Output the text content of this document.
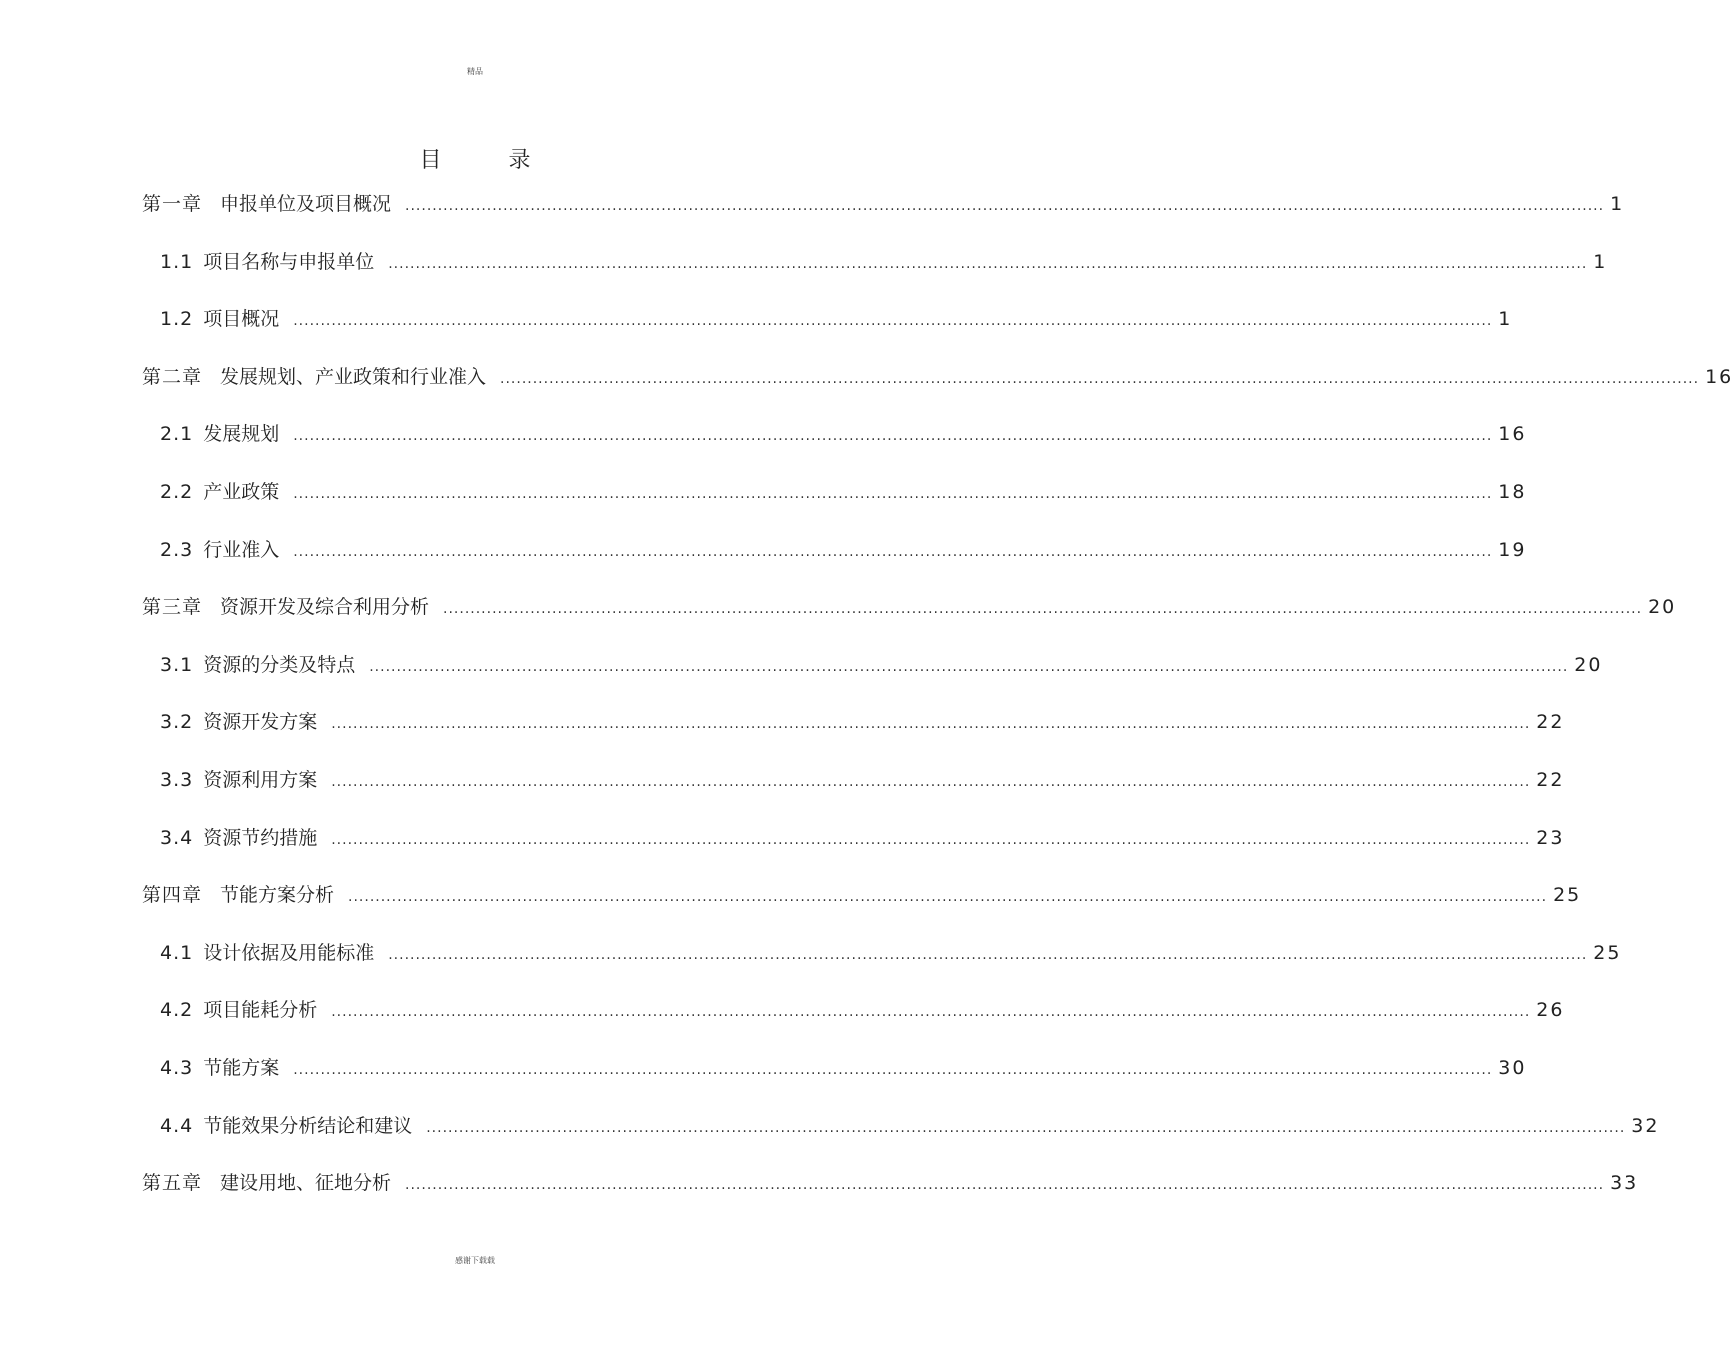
精品
目 录
第一章 申报单位及项目概况 ............................................................................................................................................................................................................................ 1
1.1 项目名称与申报单位 ............................................................................................................................................................................................................................ 1
1.2 项目概况 ............................................................................................................................................................................................................................ 1
第二章 发展规划、产业政策和行业准入 ............................................................................................................................................................................................................................ 16
2.1 发展规划 ............................................................................................................................................................................................................................ 16
2.2 产业政策 ............................................................................................................................................................................................................................ 18
2.3 行业准入 ............................................................................................................................................................................................................................ 19
第三章 资源开发及综合利用分析 ............................................................................................................................................................................................................................ 20
3.1 资源的分类及特点 ............................................................................................................................................................................................................................ 20
3.2 资源开发方案 ............................................................................................................................................................................................................................ 22
3.3 资源利用方案 ............................................................................................................................................................................................................................ 22
3.4 资源节约措施 ............................................................................................................................................................................................................................ 23
第四章 节能方案分析 ............................................................................................................................................................................................................................ 25
4.1 设计依据及用能标准 ............................................................................................................................................................................................................................ 25
4.2 项目能耗分析 ............................................................................................................................................................................................................................ 26
4.3 节能方案 ............................................................................................................................................................................................................................ 30
4.4 节能效果分析结论和建议 ............................................................................................................................................................................................................................ 32
第五章 建设用地、征地分析 ............................................................................................................................................................................................................................ 33
感谢下载载
